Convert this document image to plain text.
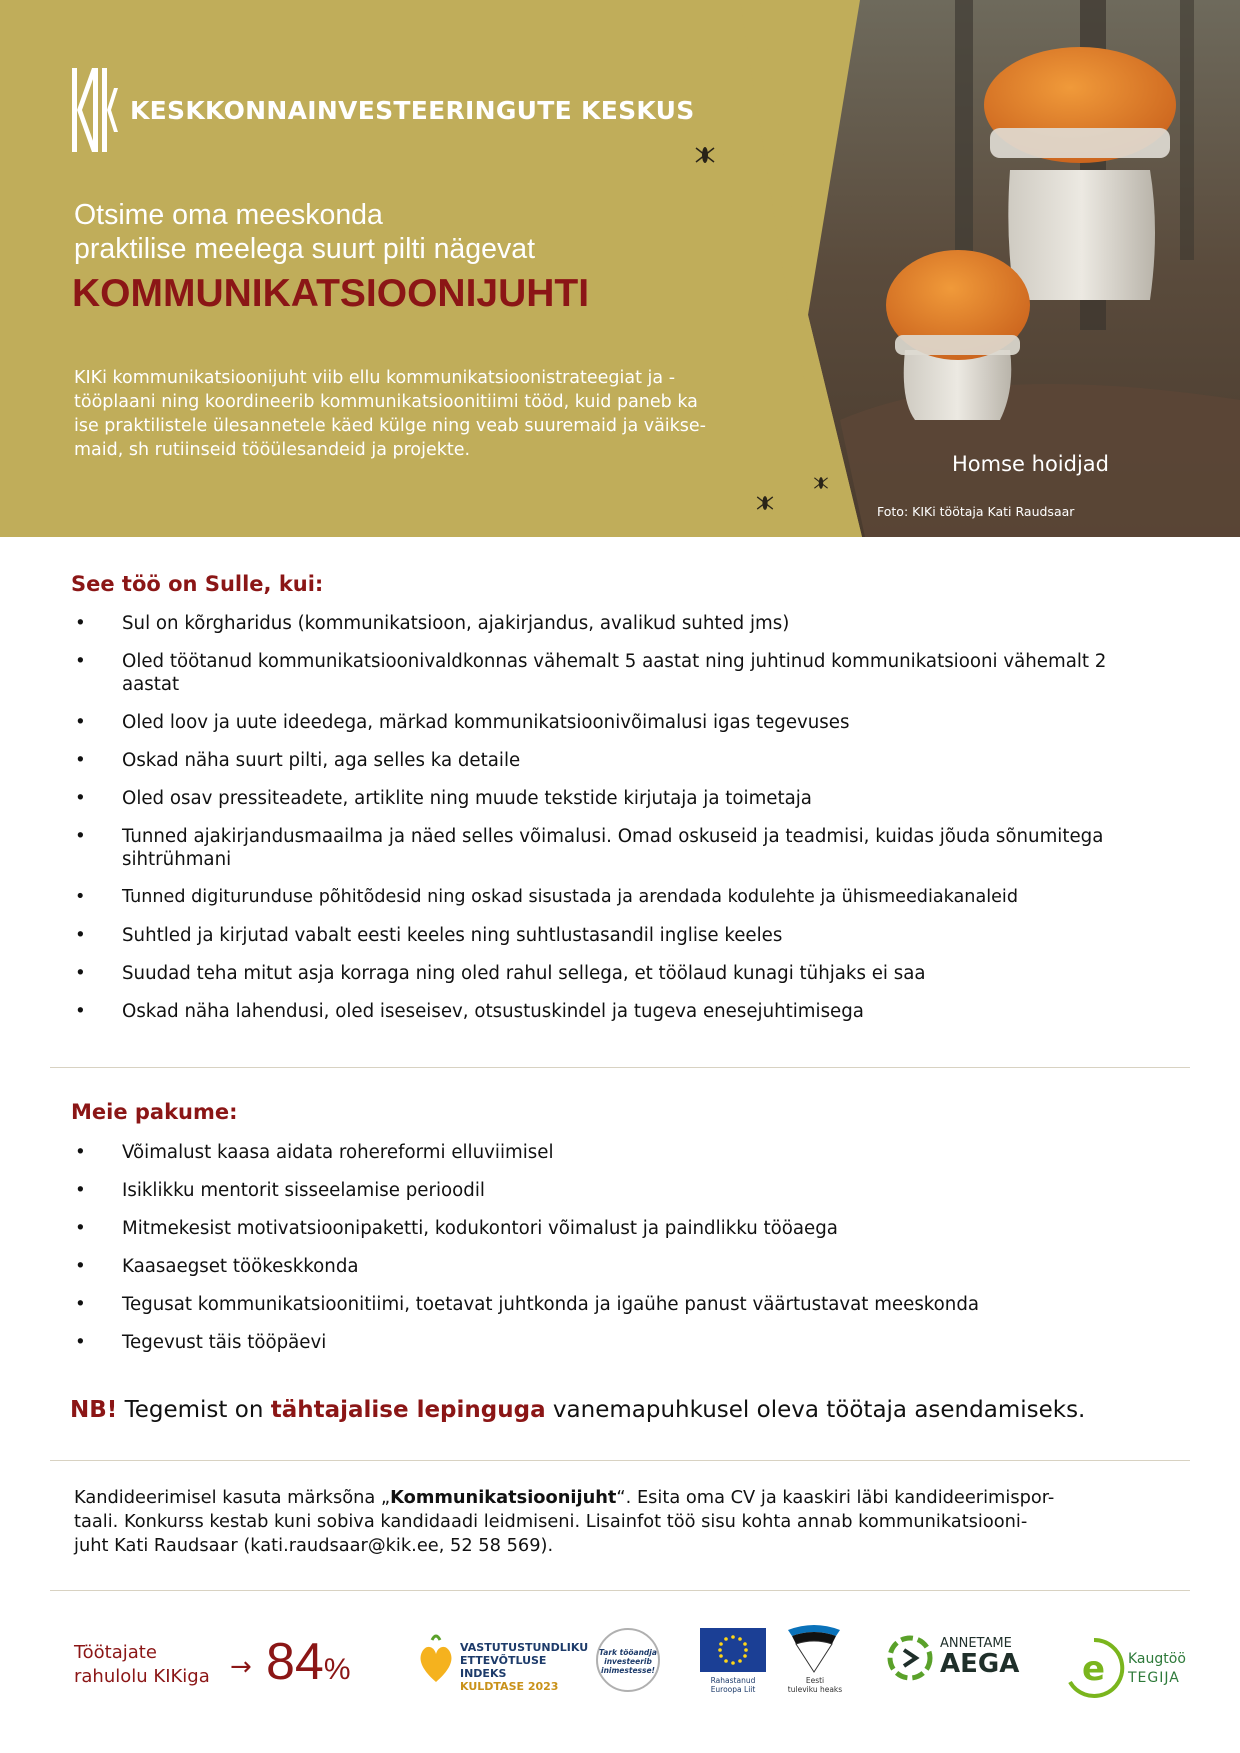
KESKKONNAINVESTEERINGUTE KESKUS
Otsime oma meeskonda
praktilise meelega suurt pilti nägevat
KOMMUNIKATSIOONIJUHTI
KIKi kommunikatsioonijuht viib ellu kommunikatsioonistrateegiat ja -
tööplaani ning koordineerib kommunikatsioonitiimi tööd, kuid paneb ka
ise praktilistele ülesannetele käed külge ning veab suuremaid ja väikse-
maid, sh rutiinseid tööülesandeid ja projekte.
Homse hoidjad
Foto: KIKi töötaja Kati Raudsaar
See töö on Sulle, kui:
• Sul on kõrgharidus (kommunikatsioon, ajakirjandus, avalikud suhted jms)
• Oled töötanud kommunikatsioonivaldkonnas vähemalt 5 aastat ning juhtinud kommunikatsiooni vähemalt 2 aastat
• Oled loov ja uute ideedega, märkad kommunikatsioonivõimalusi igas tegevuses
• Oskad näha suurt pilti, aga selles ka detaile
• Oled osav pressiteadete, artiklite ning muude tekstide kirjutaja ja toimetaja
• Tunned ajakirjandusmaailma ja näed selles võimalusi. Omad oskuseid ja teadmisi, kuidas jõuda sõnumitega sihtrühmani
• Tunned digiturunduse põhitõdesid ning oskad sisustada ja arendada kodulehte ja ühismeediakanaleid
• Suhtled ja kirjutad vabalt eesti keeles ning suhtlustasandil inglise keeles
• Suudad teha mitut asja korraga ning oled rahul sellega, et töölaud kunagi tühjaks ei saa
• Oskad näha lahendusi, oled iseseisev, otsustuskindel ja tugeva enesejuhtimisega
Meie pakume:
• Võimalust kaasa aidata rohereformi elluviimisel
• Isiklikku mentorit sisseelamise perioodil
• Mitmekesist motivatsioonipaketti, kodukontori võimalust ja paindlikku tööaega
• Kaasaegset töökeskkonda
• Tegusat kommunikatsioonitiimi, toetavat juhtkonda ja igaühe panust väärtustavat meeskonda
• Tegevust täis tööpäevi
NB! Tegemist on tähtajalise lepinguga vanemapuhkusel oleva töötaja asendamiseks.
Kandideerimisel kasuta märksõna „Kommunikatsioonijuht“. Esita oma CV ja kaaskiri läbi kandideerimispor-
taali. Konkurss kestab kuni sobiva kandidaadi leidmiseni. Lisainfot töö sisu kohta annab kommunikatsiooni-
juht Kati Raudsaar (kati.raudsaar@kik.ee, 52 58 569).
Töötajate
rahulolu KIKiga → 84%
VASTUTUSTUNDLIKU
ETTEVÕTLUSE INDEKS
KULDTASE 2023
Tark tööandja
investeerib
inimestesse!
Rahastanud
Euroopa Liit
Eesti
tuleviku heaks
ANNETAME
AEGA e Kaugtöö
TEGIJA
